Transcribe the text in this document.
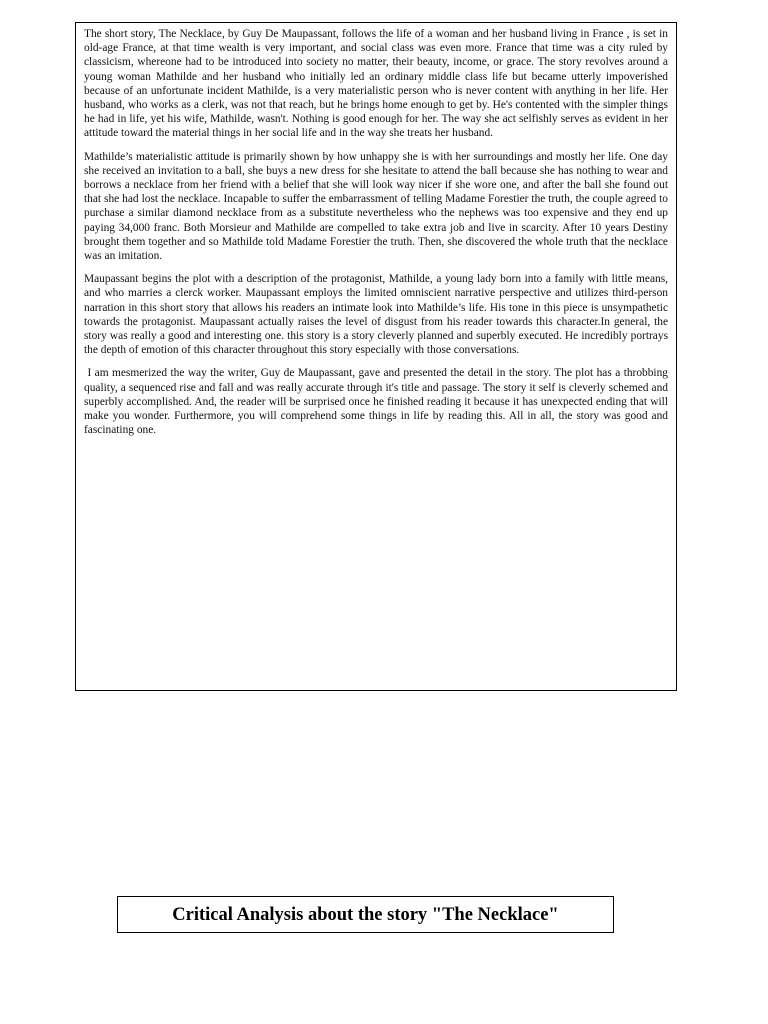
The short story, The Necklace, by Guy De Maupassant, follows the life of a woman and her husband living in France , is set in old-age France, at that time wealth is very important, and social class was even more. France that time was a city ruled by classicism, whereone had to be introduced into society no matter, their beauty, income, or grace. The story revolves around a young woman Mathilde and her husband who initially led an ordinary middle class life but became utterly impoverished because of an unfortunate incident Mathilde, is a very materialistic person who is never content with anything in her life. Her husband, who works as a clerk, was not that reach, but he brings home enough to get by. He's contented with the simpler things he had in life, yet his wife, Mathilde, wasn't. Nothing is good enough for her. The way she act selfishly serves as evident in her attitude toward the material things in her social life and in the way she treats her husband.

Mathilde’s materialistic attitude is primarily shown by how unhappy she is with her surroundings and mostly her life. One day she received an invitation to a ball, she buys a new dress for she hesitate to attend the ball because she has nothing to wear and borrows a necklace from her friend with a belief that she will look way nicer if she wore one, and after the ball she found out that she had lost the necklace. Incapable to suffer the embarrassment of telling Madame Forestier the truth, the couple agreed to purchase a similar diamond necklace from as a substitute nevertheless who the nephews was too expensive and they end up paying 34,000 franc. Both Morsieur and Mathilde are compelled to take extra job and live in scarcity. After 10 years Destiny brought them together and so Mathilde told Madame Forestier the truth. Then, she discovered the whole truth that the necklace was an imitation.

Maupassant begins the plot with a description of the protagonist, Mathilde, a young lady born into a family with little means, and who marries a clerck worker. Maupassant employs the limited omniscient narrative perspective and utilizes third-person narration in this short story that allows his readers an intimate look into Mathilde’s life. His tone in this piece is unsympathetic towards the protagonist. Maupassant actually raises the level of disgust from his reader towards this character.In general, the story was really a good and interesting one. this story is a story cleverly planned and superbly executed. He incredibly portrays the depth of emotion of this character throughout this story especially with those conversations.

I am mesmerized the way the writer, Guy de Maupassant, gave and presented the detail in the story. The plot has a throbbing quality, a sequenced rise and fall and was really accurate through it's title and passage. The story it self is cleverly schemed and superbly accomplished. And, the reader will be surprised once he finished reading it because it has unexpected ending that will make you wonder. Furthermore, you will comprehend some things in life by reading this. All in all, the story was good and fascinating one.

Critical Analysis about the story "The Necklace"
